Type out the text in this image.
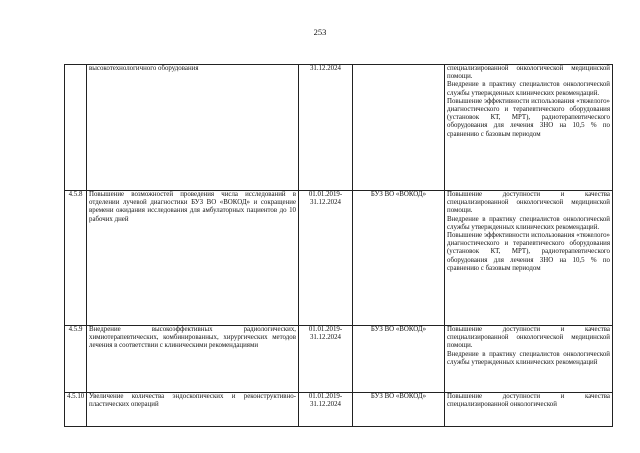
253
	высокотехнологичного оборудования	31.12.2024		специализированной онкологической медицинской помощи.
Внедрение в практику специалистов онкологической службы утвержденных клинических рекомендаций.
Повышение эффективности использования «тяжелого» диагностического и терапевтического оборудования (установок КТ, МРТ), радиотерапевтического оборудования для лечения ЗНО на 10,5 % по сравнению с базовым периодом

4.5.8	Повышение возможностей проведения числа исследований в отделении лучевой диагностики БУЗ ВО «ВОКОД» и сокращение времени ожидания исследования для амбулаторных пациентов до 10 рабочих дней	01.01.2019-31.12.2024	БУЗ ВО «ВОКОД»	Повышение доступности и качества специализированной онкологической медицинской помощи.
Внедрение в практику специалистов онкологической службы утвержденных клинических рекомендаций.
Повышение эффективности использования «тяжелого» диагностического и терапевтического оборудования (установок КТ, МРТ), радиотерапевтического оборудования для лечения ЗНО на 10,5 % по сравнению с базовым периодом

4.5.9	Внедрение высокоэффективных радиологических, химиотерапевтических, комбинированных, хирургических методов лечения в соответствии с клиническими рекомендациями	01.01.2019-31.12.2024	БУЗ ВО «ВОКОД»	Повышение доступности и качества специализированной онкологической медицинской помощи.
Внедрение в практику специалистов онкологической службы утвержденных клинических рекомендаций

4.5.10	Увеличение количества эндоскопических и реконструктивно-пластических операций	01.01.2019-31.12.2024	БУЗ ВО «ВОКОД»	Повышение доступности и качества специализированной онкологической
